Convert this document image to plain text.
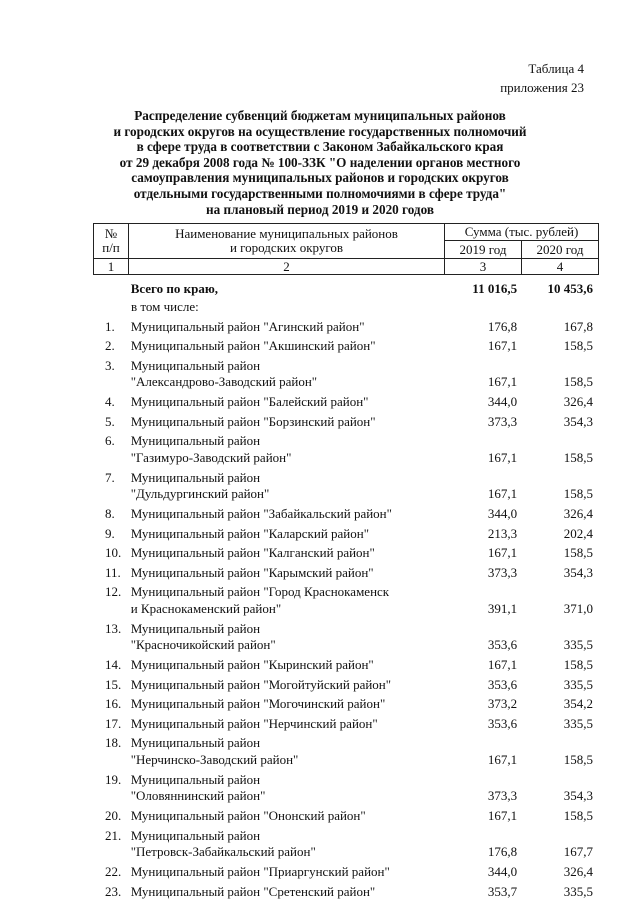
Таблица 4
приложения 23
Распределение субвенций бюджетам муниципальных районов
и городских округов на осуществление государственных полномочий
в сфере труда в соответствии с Законом Забайкальского края
от 29 декабря 2008 года № 100-ЗЗК "О наделении органов местного
самоуправления муниципальных районов и городских округов
отдельными государственными полномочиями в сфере труда"
на плановый период 2019 и 2020 годов
№
п/п	Наименование муниципальных районов
и городских округов	Сумма (тыс. рублей)	
		2019 год	2020 год
1	2	3	4
Всего по краю,	11 016,5	10 453,6
в том числе:
1.	Муниципальный район "Агинский район"	176,8	167,8
2.	Муниципальный район "Акшинский район"	167,1	158,5
3.	Муниципальный район
"Александрово-Заводский район"	167,1	158,5
4.	Муниципальный район "Балейский район"	344,0	326,4
5.	Муниципальный район "Борзинский район"	373,3	354,3
6.	Муниципальный район
"Газимуро-Заводский район"	167,1	158,5
7.	Муниципальный район
"Дульдургинский район"	167,1	158,5
8.	Муниципальный район "Забайкальский район"	344,0	326,4
9.	Муниципальный район "Каларский район"	213,3	202,4
10. Муниципальный район "Калганский район"	167,1	158,5
11. Муниципальный район "Карымский район"	373,3	354,3
12. Муниципальный район "Город Краснокаменск
и Краснокаменский район"	391,1	371,0
13. Муниципальный район
"Красночикойский район"	353,6	335,5
14. Муниципальный район "Кыринский район"	167,1	158,5
15. Муниципальный район "Могойтуйский район"	353,6	335,5
16. Муниципальный район "Могочинский район"	373,2	354,2
17. Муниципальный район "Нерчинский район"	353,6	335,5
18. Муниципальный район
"Нерчинско-Заводский район"	167,1	158,5
19. Муниципальный район
"Оловяннинский район"	373,3	354,3
20. Муниципальный район "Ононский район"	167,1	158,5
21. Муниципальный район
"Петровск-Забайкальский район"	176,8	167,7
22. Муниципальный район "Приаргунский район"	344,0	326,4
23. Муниципальный район "Сретенский район"	353,7	335,5
